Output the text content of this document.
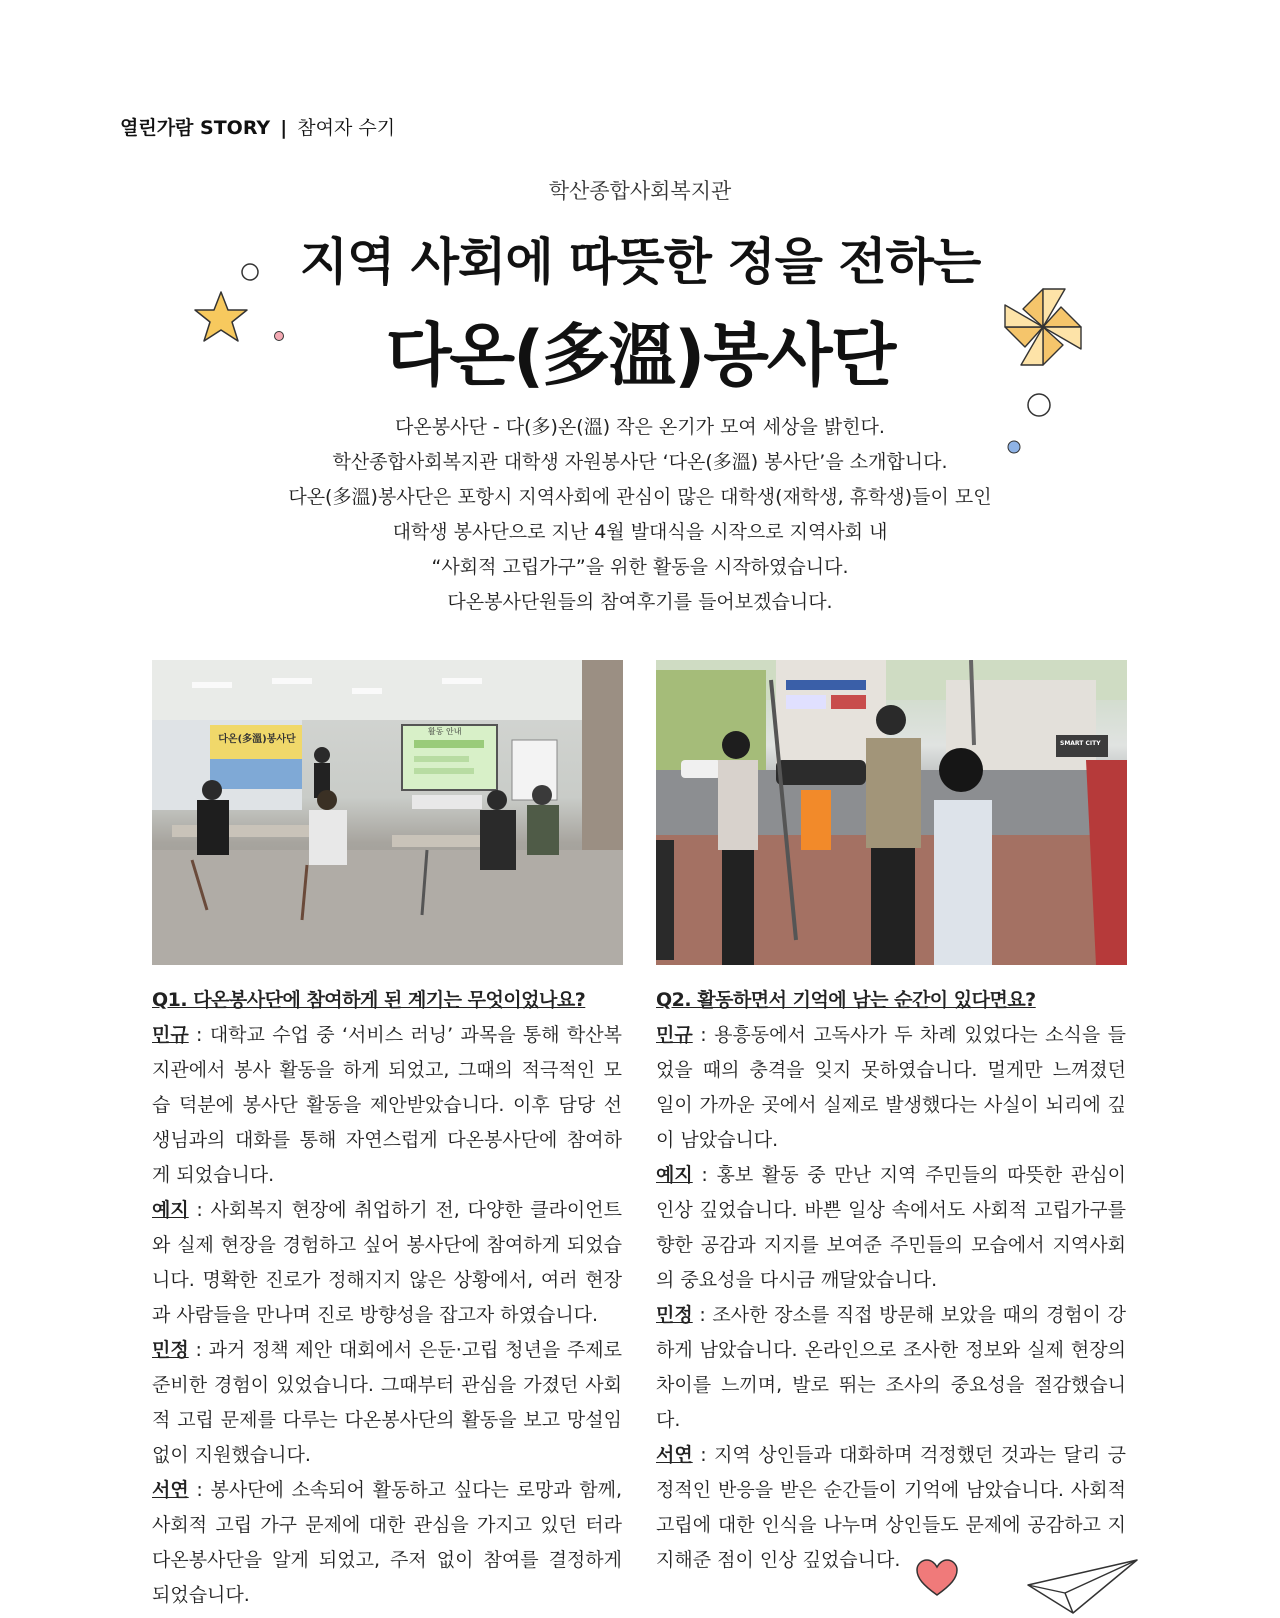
열린가람 STORY | 참여자 수기
학산종합사회복지관
지역 사회에 따뜻한 정을 전하는
다온(多溫)봉사단
다온봉사단 - 다(多)온(溫) 작은 온기가 모여 세상을 밝힌다.
학산종합사회복지관 대학생 자원봉사단 ‘다온(多溫) 봉사단’을 소개합니다.
다온(多溫)봉사단은 포항시 지역사회에 관심이 많은 대학생(재학생, 휴학생)들이 모인
대학생 봉사단으로 지난 4월 발대식을 시작으로 지역사회 내
“사회적 고립가구”을 위한 활동을 시작하였습니다.
다온봉사단원들의 참여후기를 들어보겠습니다.
다온(多溫)봉사단
활동 안내
SMART CITY
Q1. 다온봉사단에 참여하게 된 계기는 무엇이었나요?
민규 : 대학교 수업 중 ‘서비스 러닝’ 과목을 통해 학산복지관에서 봉사 활동을 하게 되었고, 그때의 적극적인 모습 덕분에 봉사단 활동을 제안받았습니다. 이후 담당 선생님과의 대화를 통해 자연스럽게 다온봉사단에 참여하게 되었습니다.
예지 : 사회복지 현장에 취업하기 전, 다양한 클라이언트와 실제 현장을 경험하고 싶어 봉사단에 참여하게 되었습니다. 명확한 진로가 정해지지 않은 상황에서, 여러 현장과 사람들을 만나며 진로 방향성을 잡고자 하였습니다.
민정 : 과거 정책 제안 대회에서 은둔·고립 청년을 주제로 준비한 경험이 있었습니다. 그때부터 관심을 가졌던 사회적 고립 문제를 다루는 다온봉사단의 활동을 보고 망설임 없이 지원했습니다.
서연 : 봉사단에 소속되어 활동하고 싶다는 로망과 함께, 사회적 고립 가구 문제에 대한 관심을 가지고 있던 터라 다온봉사단을 알게 되었고, 주저 없이 참여를 결정하게 되었습니다.
Q2. 활동하면서 기억에 남는 순간이 있다면요?
민규 : 용흥동에서 고독사가 두 차례 있었다는 소식을 들었을 때의 충격을 잊지 못하였습니다. 멀게만 느껴졌던 일이 가까운 곳에서 실제로 발생했다는 사실이 뇌리에 깊이 남았습니다.
예지 : 홍보 활동 중 만난 지역 주민들의 따뜻한 관심이 인상 깊었습니다. 바쁜 일상 속에서도 사회적 고립가구를 향한 공감과 지지를 보여준 주민들의 모습에서 지역사회의 중요성을 다시금 깨달았습니다.
민정 : 조사한 장소를 직접 방문해 보았을 때의 경험이 강하게 남았습니다. 온라인으로 조사한 정보와 실제 현장의 차이를 느끼며, 발로 뛰는 조사의 중요성을 절감했습니다.
서연 : 지역 상인들과 대화하며 걱정했던 것과는 달리 긍정적인 반응을 받은 순간들이 기억에 남았습니다. 사회적 고립에 대한 인식을 나누며 상인들도 문제에 공감하고 지지해준 점이 인상 깊었습니다.
